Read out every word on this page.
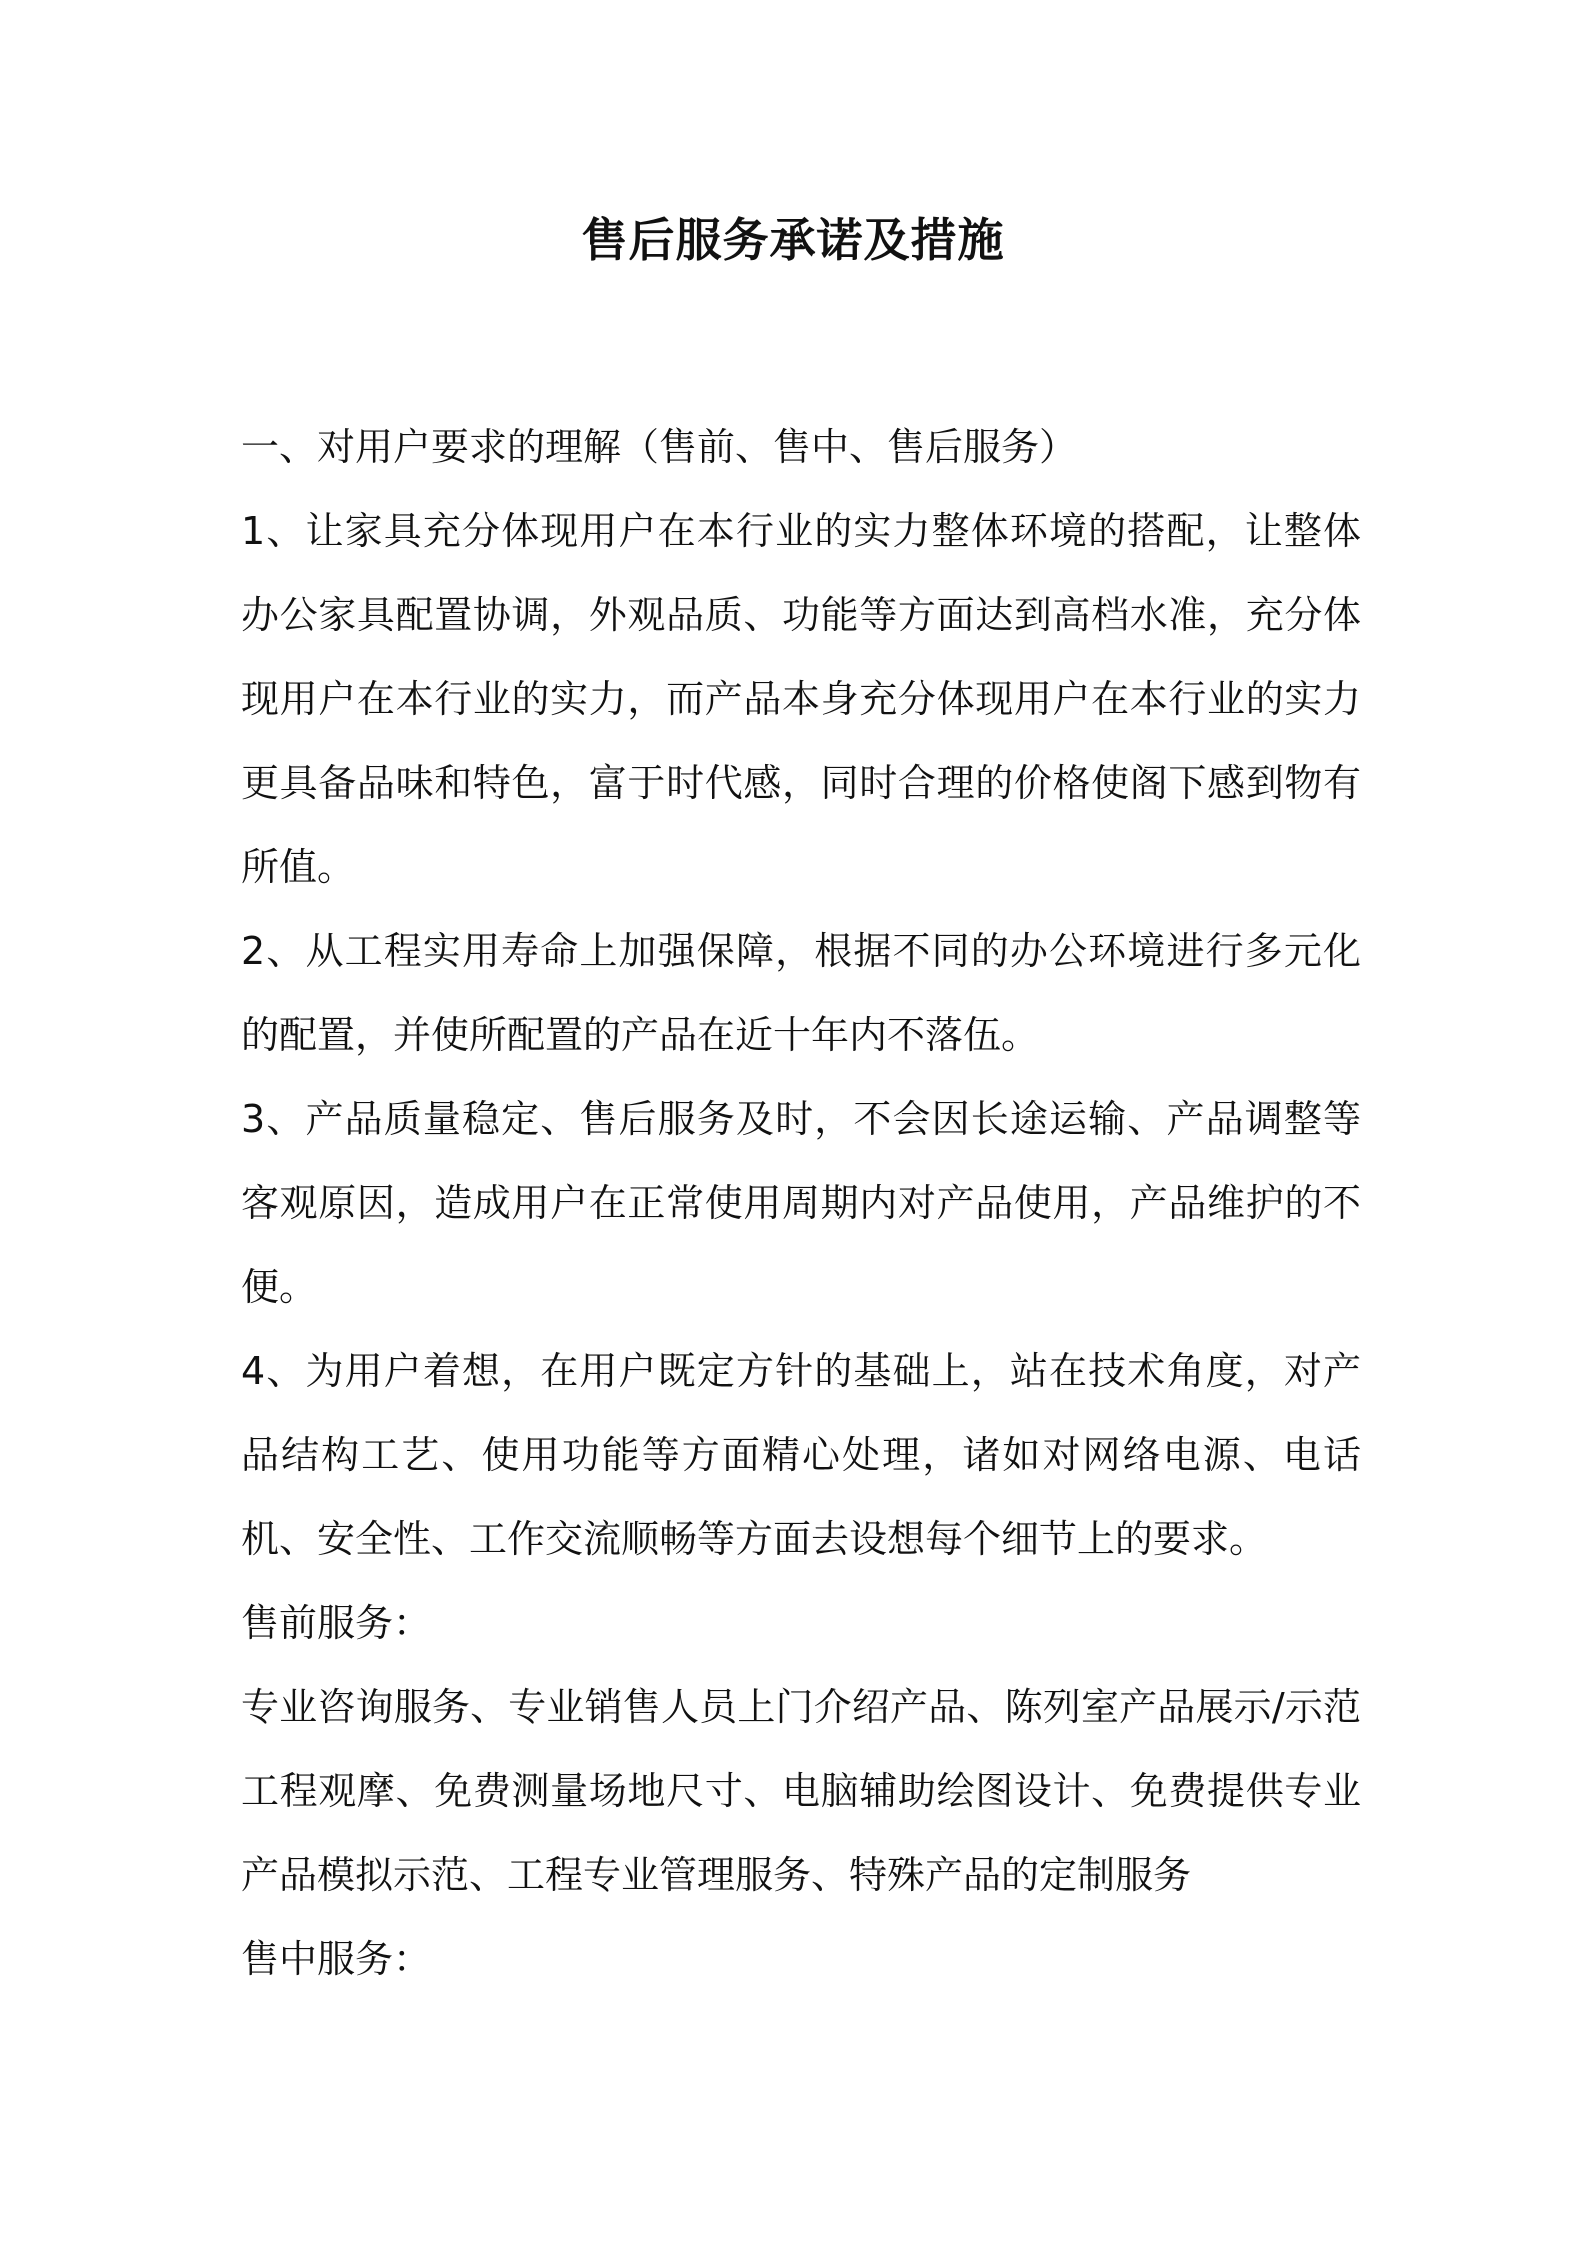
售后服务承诺及措施

一、对用户要求的理解（售前、售中、售后服务）

1、让家具充分体现用户在本行业的实力整体环境的搭配，让整体办公家具配置协调，外观品质、功能等方面达到高档水准，充分体现用户在本行业的实力，而产品本身充分体现用户在本行业的实力更具备品味和特色，富于时代感，同时合理的价格使阁下感到物有所值。

2、从工程实用寿命上加强保障，根据不同的办公环境进行多元化的配置，并使所配置的产品在近十年内不落伍。

3、产品质量稳定、售后服务及时，不会因长途运输、产品调整等客观原因，造成用户在正常使用周期内对产品使用，产品维护的不便。

4、为用户着想，在用户既定方针的基础上，站在技术角度，对产品结构工艺、使用功能等方面精心处理，诸如对网络电源、电话机、安全性、工作交流顺畅等方面去设想每个细节上的要求。

售前服务：

专业咨询服务、专业销售人员上门介绍产品、陈列室产品展示/示范工程观摩、免费测量场地尺寸、电脑辅助绘图设计、免费提供专业产品模拟示范、工程专业管理服务、特殊产品的定制服务

售中服务：
